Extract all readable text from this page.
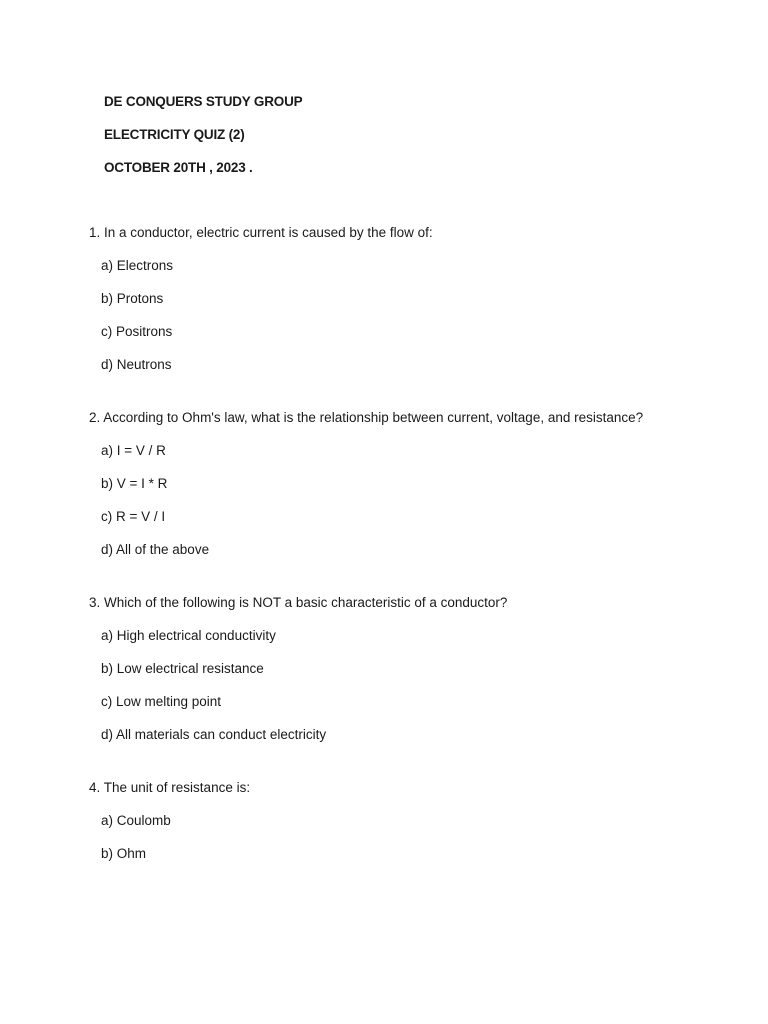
DE CONQUERS STUDY GROUP
ELECTRICITY QUIZ (2)
OCTOBER 20TH , 2023 .
1. In a conductor, electric current is caused by the flow of:
a) Electrons
b) Protons
c) Positrons
d) Neutrons
2. According to Ohm's law, what is the relationship between current, voltage, and resistance?
a) I = V / R
b) V = I * R
c) R = V / I
d) All of the above
3. Which of the following is NOT a basic characteristic of a conductor?
a) High electrical conductivity
b) Low electrical resistance
c) Low melting point
d) All materials can conduct electricity
4. The unit of resistance is:
a) Coulomb
b) Ohm
